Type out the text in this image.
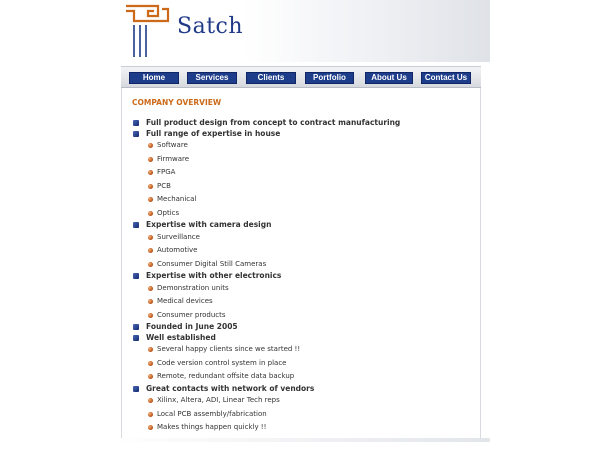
Satch
Home	Services	Clients	Portfolio	About Us	Contact Us
COMPANY OVERVIEW
Full product design from concept to contract manufacturing
Full range of expertise in house
Software
Firmware
FPGA
PCB
Mechanical
Optics
Expertise with camera design
Surveillance
Automotive
Consumer Digital Still Cameras
Expertise with other electronics
Demonstration units
Medical devices
Consumer products
Founded in June 2005
Well established
Several happy clients since we started !!
Code version control system in place
Remote, redundant offsite data backup
Great contacts with network of vendors
Xilinx, Altera, ADI, Linear Tech reps
Local PCB assembly/fabrication
Makes things happen quickly !!
